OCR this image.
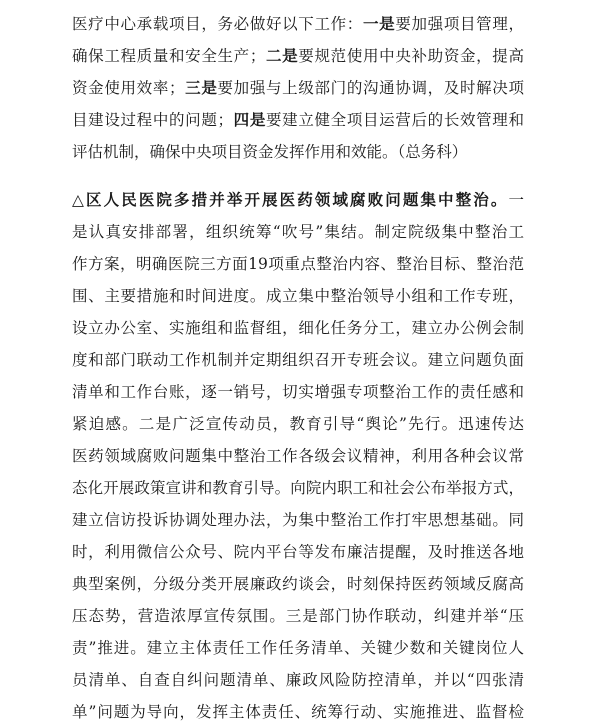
医疗中心承载项目，务必做好以下工作：一是要加强项目管理，
确保工程质量和安全生产；二是要规范使用中央补助资金，提高
资金使用效率；三是要加强与上级部门的沟通协调，及时解决项
目建设过程中的问题；四是要建立健全项目运营后的长效管理和
评估机制，确保中央项目资金发挥作用和效能。（总务科）
△区人民医院多措并举开展医药领域腐败问题集中整治。一
是认真安排部署，组织统筹“吹号”集结。制定院级集中整治工
作方案，明确医院三方面19项重点整治内容、整治目标、整治范
围、主要措施和时间进度。成立集中整治领导小组和工作专班，
设立办公室、实施组和监督组，细化任务分工，建立办公例会制
度和部门联动工作机制并定期组织召开专班会议。建立问题负面
清单和工作台账，逐一销号，切实增强专项整治工作的责任感和
紧迫感。二是广泛宣传动员，教育引导“舆论”先行。迅速传达
医药领域腐败问题集中整治工作各级会议精神，利用各种会议常
态化开展政策宣讲和教育引导。向院内职工和社会公布举报方式，
建立信访投诉协调处理办法，为集中整治工作打牢思想基础。同
时，利用微信公众号、院内平台等发布廉洁提醒，及时推送各地
典型案例，分级分类开展廉政约谈会，时刻保持医药领域反腐高
压态势，营造浓厚宣传氛围。三是部门协作联动，纠建并举“压
责”推进。建立主体责任工作任务清单、关键少数和关键岗位人
员清单、自查自纠问题清单、廉政风险防控清单，并以“四张清
单”问题为导向，发挥主体责任、统筹行动、实施推进、监督检
